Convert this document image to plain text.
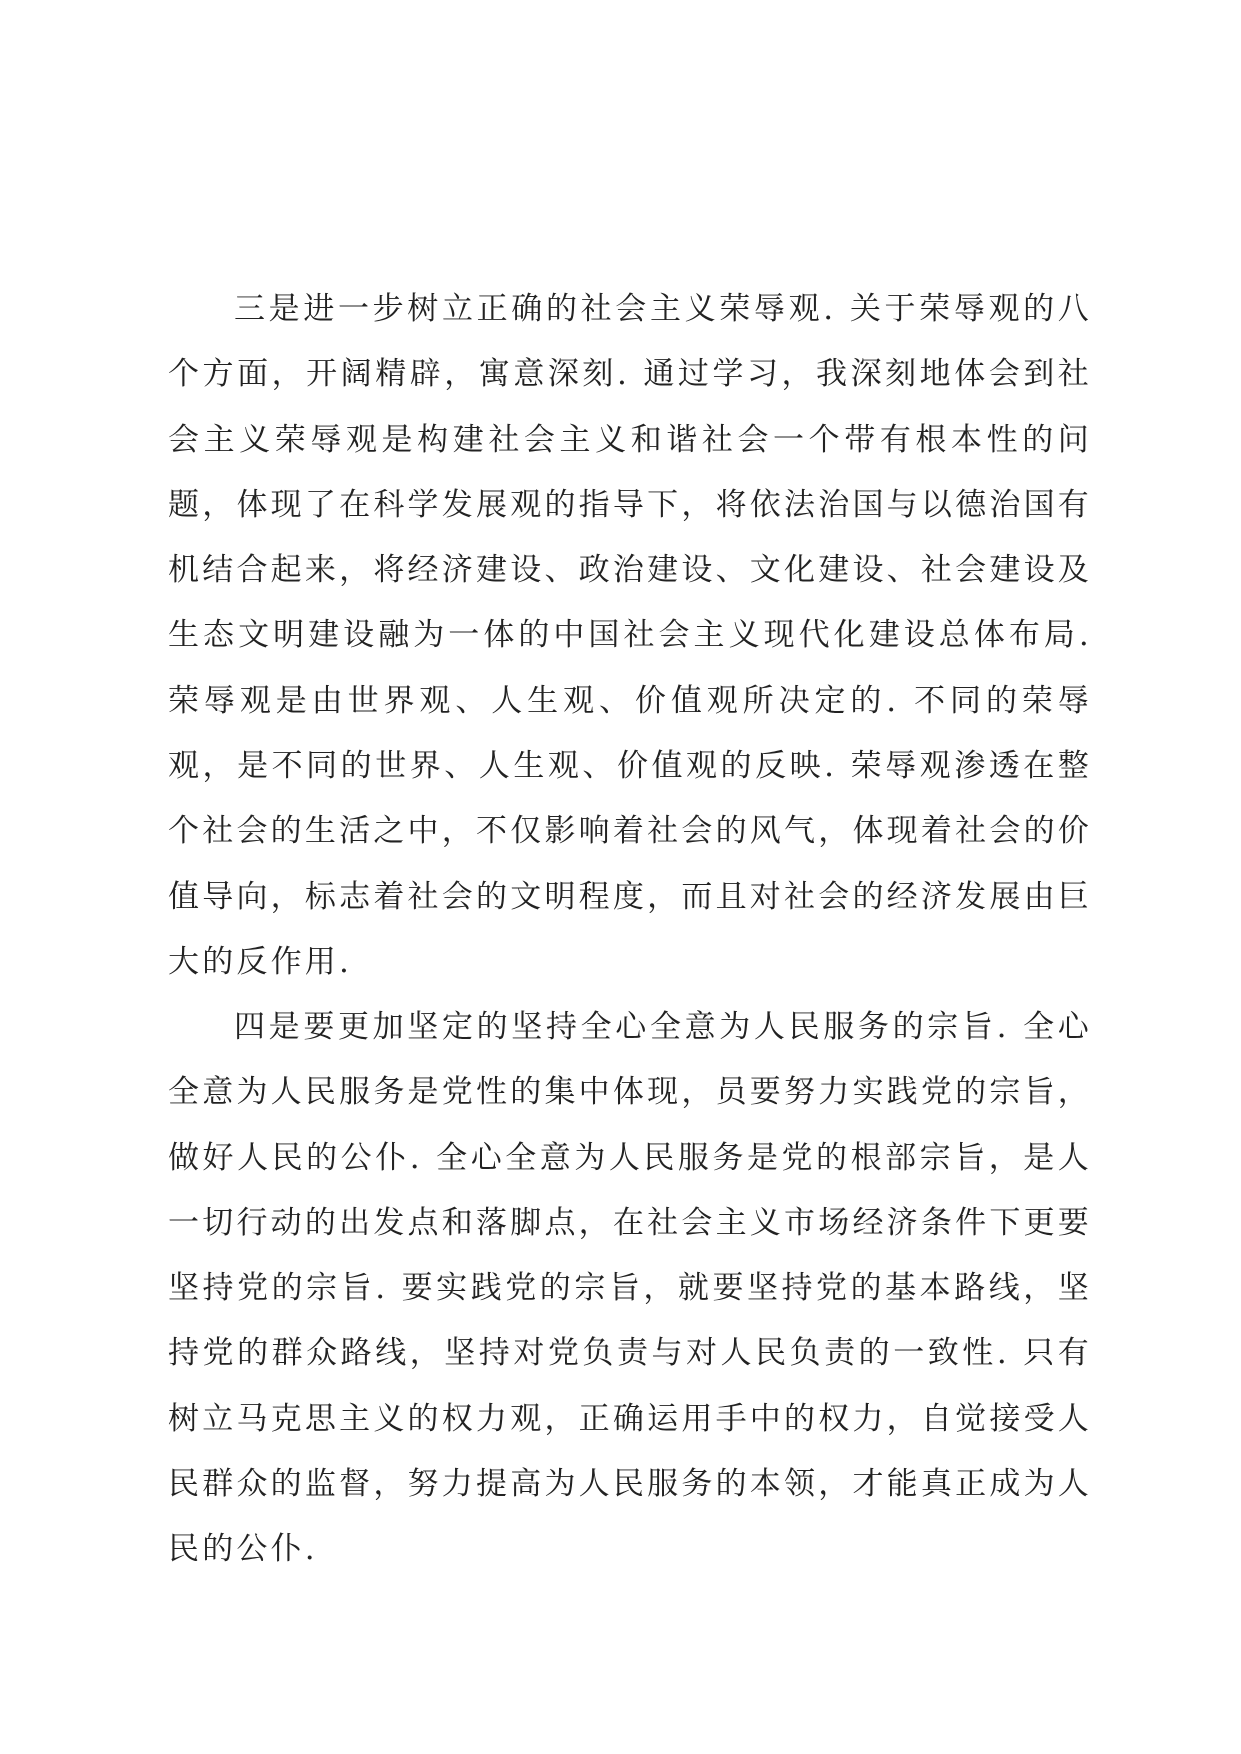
三是进一步树立正确的社会主义荣辱观. 关于荣辱观的八个方面，开阔精辟，寓意深刻. 通过学习，我深刻地体会到社会主义荣辱观是构建社会主义和谐社会一个带有根本性的问题，体现了在科学发展观的指导下，将依法治国与以德治国有机结合起来，将经济建设、政治建设、文化建设、社会建设及生态文明建设融为一体的中国社会主义现代化建设总体布局. 荣辱观是由世界观、人生观、价值观所决定的. 不同的荣辱观，是不同的世界、人生观、价值观的反映. 荣辱观渗透在整个社会的生活之中，不仅影响着社会的风气，体现着社会的价值导向，标志着社会的文明程度，而且对社会的经济发展由巨大的反作用.

四是要更加坚定的坚持全心全意为人民服务的宗旨. 全心全意为人民服务是党性的集中体现，员要努力实践党的宗旨，做好人民的公仆. 全心全意为人民服务是党的根部宗旨，是人一切行动的出发点和落脚点，在社会主义市场经济条件下更要坚持党的宗旨. 要实践党的宗旨，就要坚持党的基本路线，坚持党的群众路线，坚持对党负责与对人民负责的一致性. 只有树立马克思主义的权力观，正确运用手中的权力，自觉接受人民群众的监督，努力提高为人民服务的本领，才能真正成为人民的公仆.
